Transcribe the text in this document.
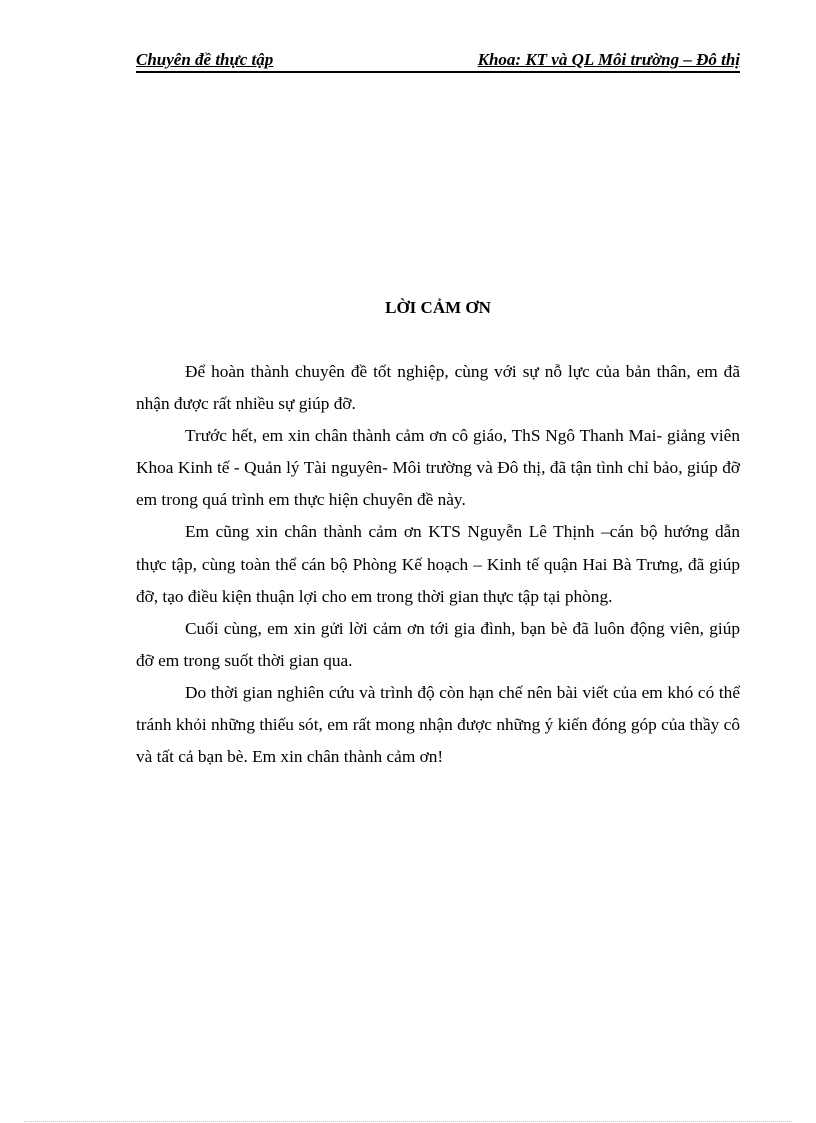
Chuyên đề thực tập	Khoa: KT và QL Môi trường – Đô thị
LỜI CẢM ƠN

Để hoàn thành chuyên đề tốt nghiệp, cùng với sự nỗ lực của bản thân, em đã nhận được rất nhiều sự giúp đỡ.

Trước hết, em xin chân thành cảm ơn cô giáo, ThS Ngô Thanh Mai- giảng viên Khoa Kinh tế - Quản lý Tài nguyên- Môi trường và Đô thị, đã tận tình chỉ bảo, giúp đỡ em trong quá trình em thực hiện chuyên đề này.

Em cũng xin chân thành cảm ơn KTS Nguyễn Lê Thịnh –cán bộ hướng dẫn thực tập, cùng toàn thể cán bộ Phòng Kế hoạch – Kinh tế quận Hai Bà Trưng, đã giúp đỡ, tạo điều kiện thuận lợi cho em trong thời gian thực tập tại phòng.

Cuối cùng, em xin gửi lời cảm ơn tới gia đình, bạn bè đã luôn động viên, giúp đỡ em trong suốt thời gian qua.

Do thời gian nghiên cứu và trình độ còn hạn chế nên bài viết của em khó có thể tránh khỏi những thiếu sót, em rất mong nhận được những ý kiến đóng góp của thầy cô và tất cả bạn bè. Em xin chân thành cảm ơn!
